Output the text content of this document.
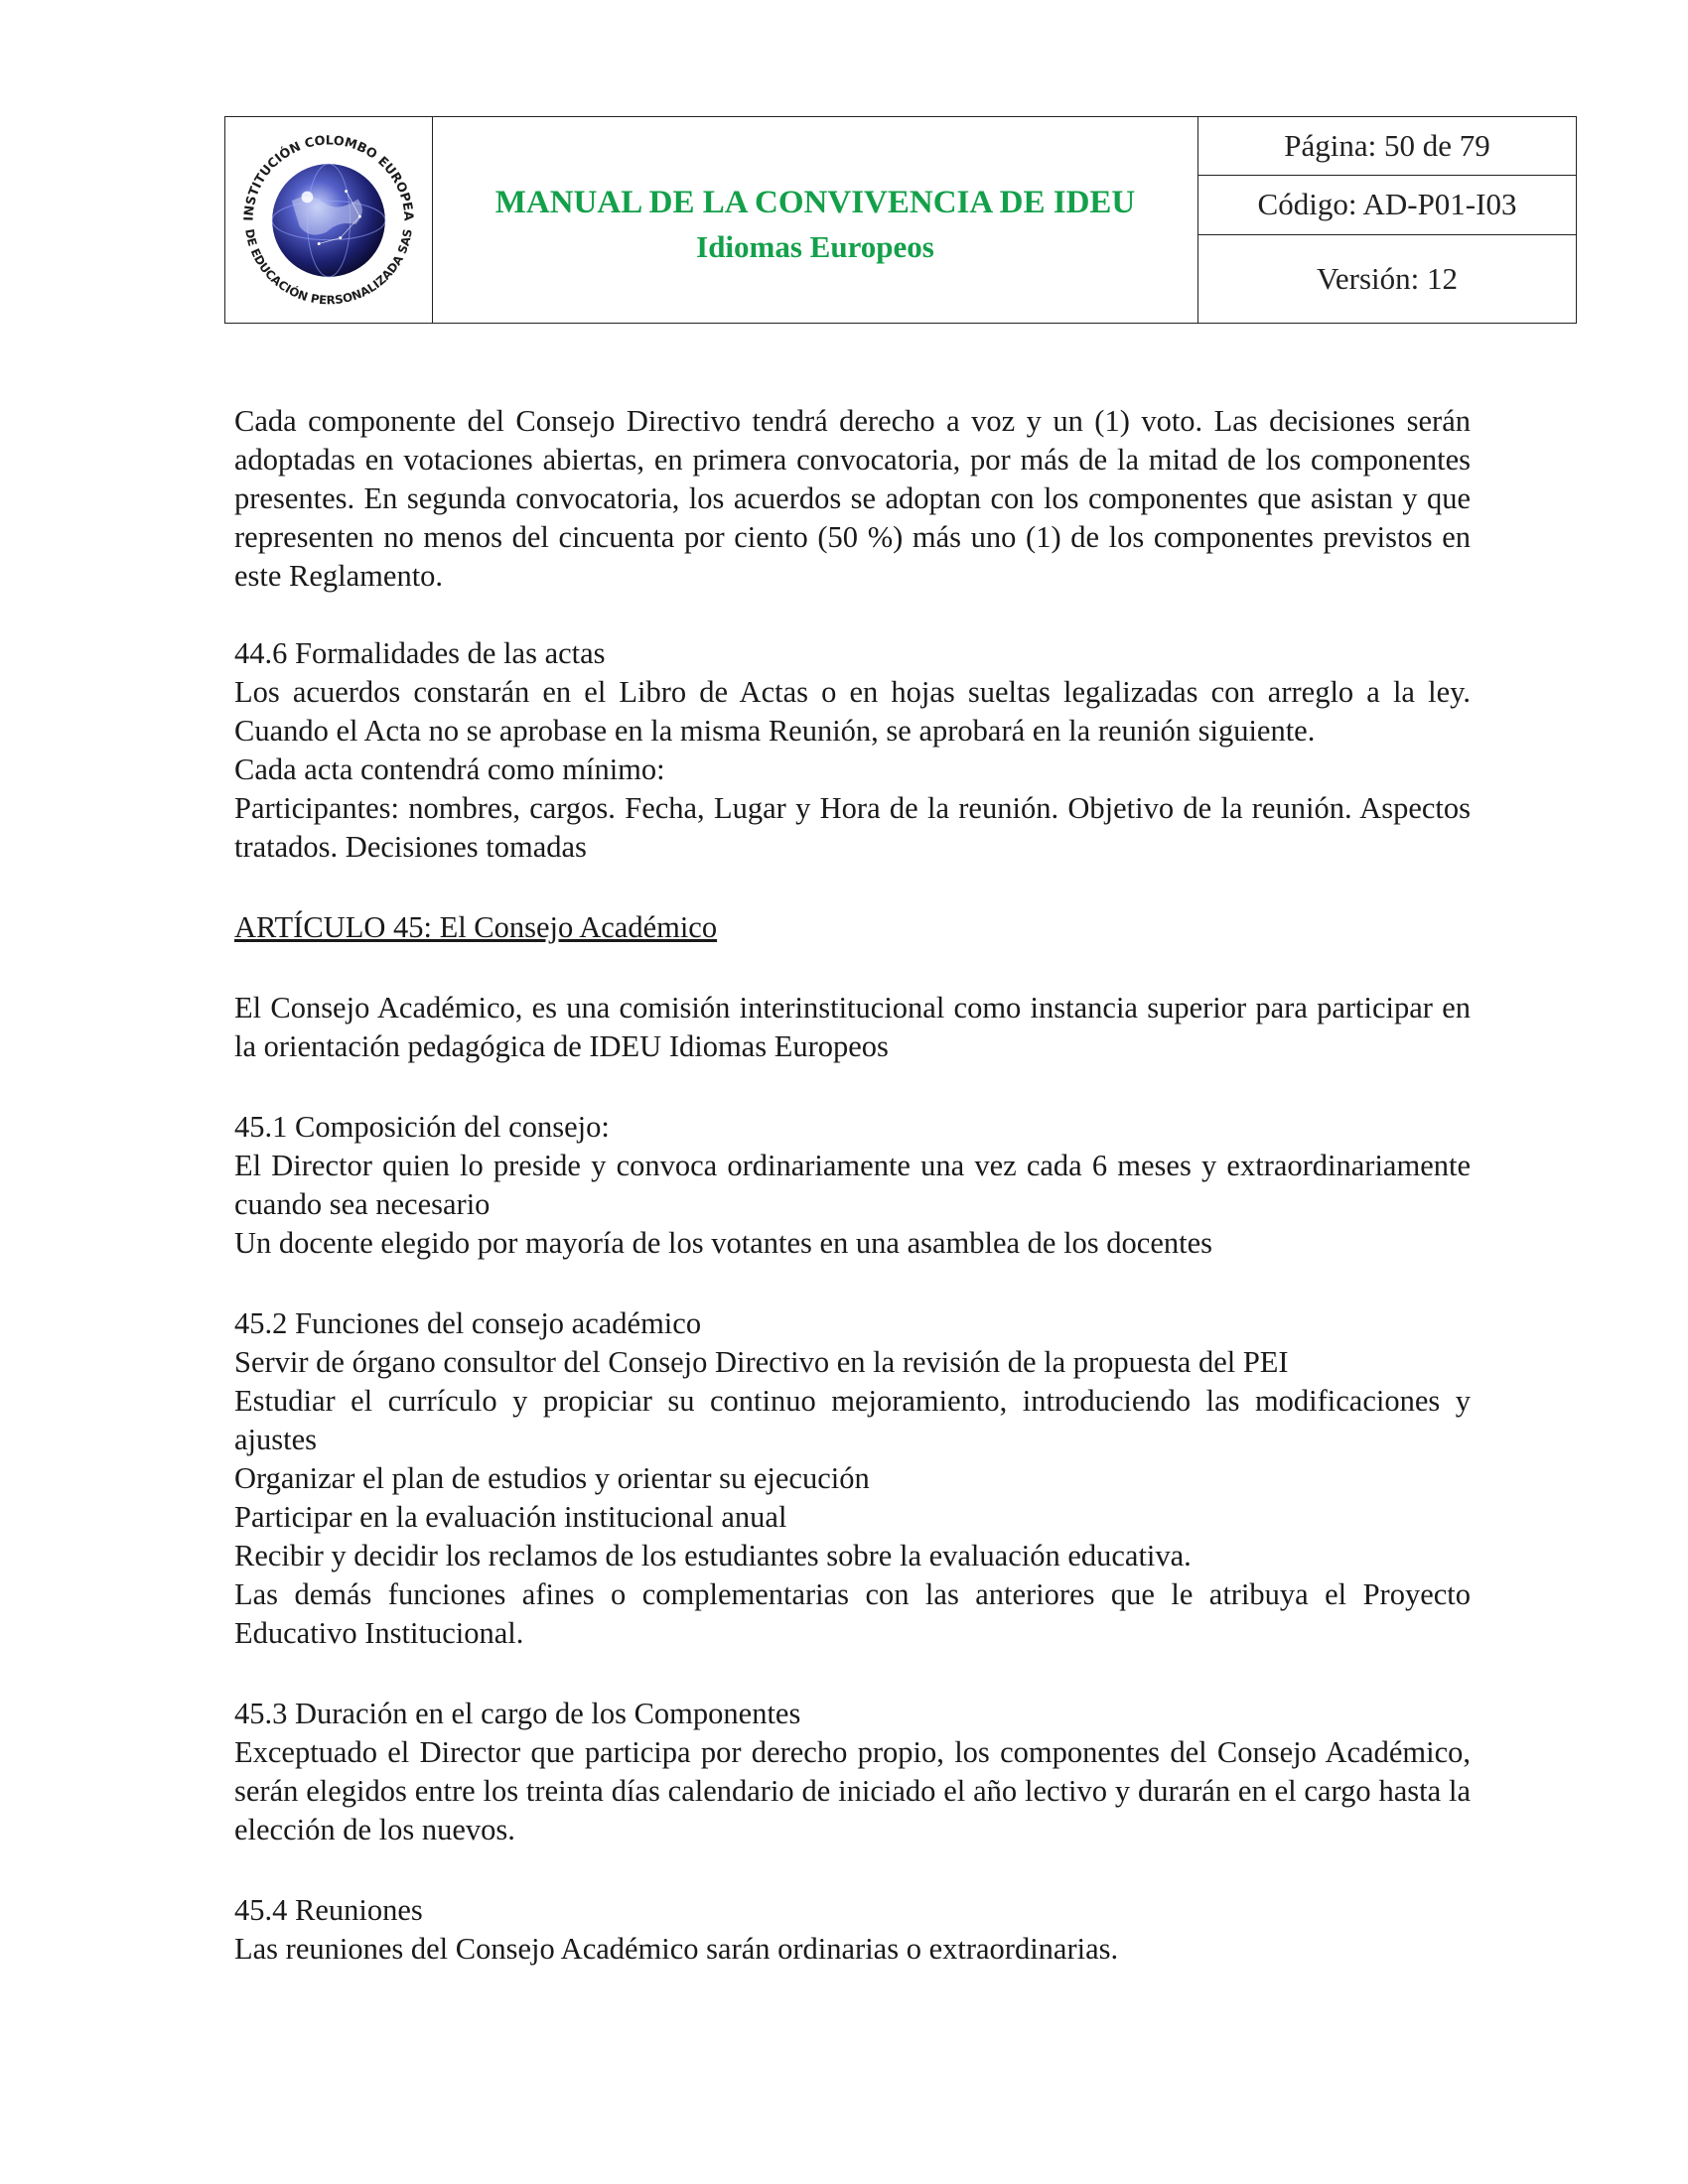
INSTITUCIÓN COLOMBO EUROPEA
DE EDUCACIÓN PERSONALIZADA SAS

MANUAL DE LA CONVIVENCIA DE IDEU
Idiomas Europeos
	Página: 50 de 79
Código: AD-P01-I03
Versión: 12

Cada componente del Consejo Directivo tendrá derecho a voz y un (1) voto. Las decisiones serán adoptadas en votaciones abiertas, en primera convocatoria, por más de la mitad de los componentes presentes. En segunda convocatoria, los acuerdos se adoptan con los componentes que asistan y que representen no menos del cincuenta por ciento (50 %) más uno (1) de los componentes previstos en este Reglamento.

44.6 Formalidades de las actas

Los acuerdos constarán en el Libro de Actas o en hojas sueltas legalizadas con arreglo a la ley. Cuando el Acta no se aprobase en la misma Reunión, se aprobará en la reunión siguiente.

Cada acta contendrá como mínimo:

Participantes: nombres, cargos. Fecha, Lugar y Hora de la reunión. Objetivo de la reunión. Aspectos tratados. Decisiones tomadas

ARTÍCULO 45: El Consejo Académico

El Consejo Académico, es una comisión interinstitucional como instancia superior para participar en la orientación pedagógica de IDEU Idiomas Europeos

45.1 Composición del consejo:

El Director quien lo preside y convoca ordinariamente una vez cada 6 meses y extraordinariamente cuando sea necesario

Un docente elegido por mayoría de los votantes en una asamblea de los docentes

45.2 Funciones del consejo académico

Servir de órgano consultor del Consejo Directivo en la revisión de la propuesta del PEI

Estudiar el currículo y propiciar su continuo mejoramiento, introduciendo las modificaciones y ajustes

Organizar el plan de estudios y orientar su ejecución

Participar en la evaluación institucional anual

Recibir y decidir los reclamos de los estudiantes sobre la evaluación educativa.

Las demás funciones afines o complementarias con las anteriores que le atribuya el Proyecto Educativo Institucional.

45.3 Duración en el cargo de los Componentes

Exceptuado el Director que participa por derecho propio, los componentes del Consejo Académico, serán elegidos entre los treinta días calendario de iniciado el año lectivo y durarán en el cargo hasta la elección de los nuevos.

45.4 Reuniones

Las reuniones del Consejo Académico sarán ordinarias o extraordinarias.
